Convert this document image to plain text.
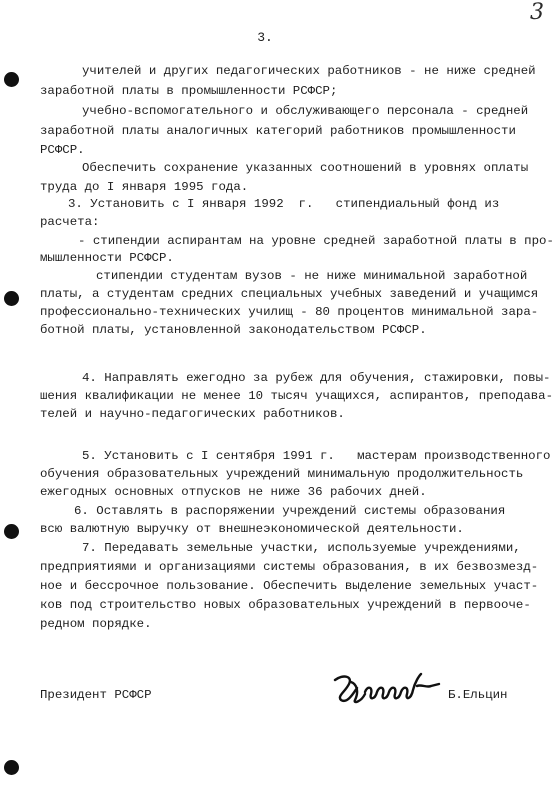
3
3.
учителей и других педагогических работников - не ниже средней
заработной платы в промышленности РСФСР;
учебно-вспомогательного и обслуживающего персонала - средней
заработной платы аналогичных категорий работников промышленности
РСФСР.
Обеспечить сохранение указанных соотношений в уровнях оплаты
труда до I января 1995 года.
3. Установить с I января 1992  г.   стипендиальный фонд из
расчета:
- стипендии аспирантам на уровне средней заработной платы в про-
мышленности РСФСР.
стипендии студентам вузов - не ниже минимальной заработной
платы, а студентам средних специальных учебных заведений и учащимся
профессионально-технических училищ - 80 процентов минимальной зара-
ботной платы, установленной законодательством РСФСР.
4. Направлять ежегодно за рубеж для обучения, стажировки, повы-
шения квалификации не менее 10 тысяч учащихся, аспирантов, преподава-
телей и научно-педагогических работников.
5. Установить с I сентября 1991 г.   мастерам производственного
обучения образовательных учреждений минимальную продолжительность
ежегодных основных отпусков не ниже 36 рабочих дней.
6. Оставлять в распоряжении учреждений системы образования
всю валютную выручку от внешнеэкономической деятельности.
7. Передавать земельные участки, используемые учреждениями,
предприятиями и организациями системы образования, в их безвозмезд-
ное и бессрочное пользование. Обеспечить выделение земельных участ-
ков под строительство новых образовательных учреждений в первооче-
редном порядке.
Президент РСФСР	Б.Ельцин
